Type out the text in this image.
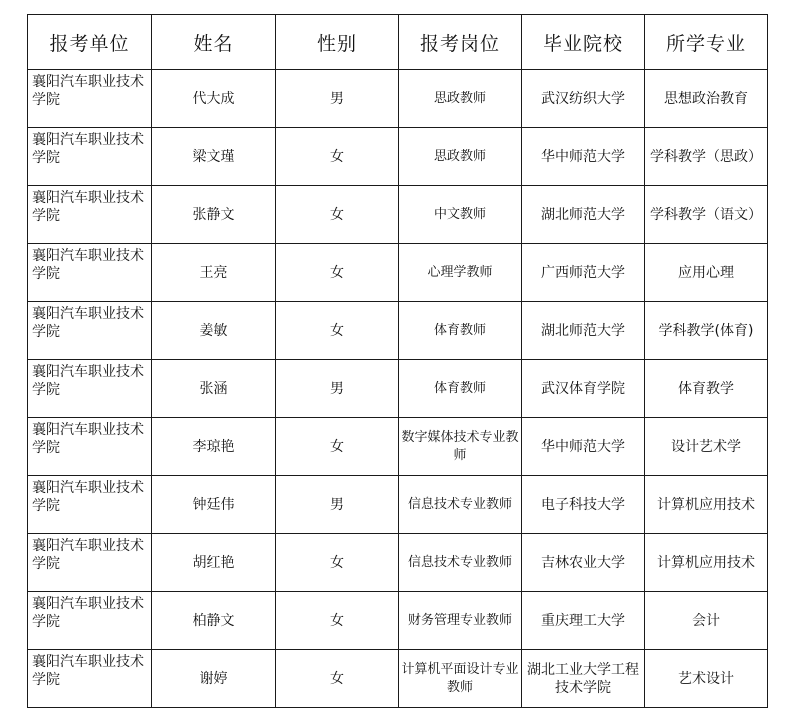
报考单位	姓名	性别	报考岗位	毕业院校	所学专业
襄阳汽车职业技术学院	代大成	男	思政教师	武汉纺织大学	思想政治教育
襄阳汽车职业技术学院	梁文瑾	女	思政教师	华中师范大学	学科教学（思政）
襄阳汽车职业技术学院	张静文	女	中文教师	湖北师范大学	学科教学（语文）
襄阳汽车职业技术学院	王亮	女	心理学教师	广西师范大学	应用心理
襄阳汽车职业技术学院	姜敏	女	体育教师	湖北师范大学	学科教学(体育)
襄阳汽车职业技术学院	张涵	男	体育教师	武汉体育学院	体育教学
襄阳汽车职业技术学院	李琼艳	女	数字媒体技术专业教师	华中师范大学	设计艺术学
襄阳汽车职业技术学院	钟廷伟	男	信息技术专业教师	电子科技大学	计算机应用技术
襄阳汽车职业技术学院	胡红艳	女	信息技术专业教师	吉林农业大学	计算机应用技术
襄阳汽车职业技术学院	柏静文	女	财务管理专业教师	重庆理工大学	会计
襄阳汽车职业技术学院	谢婷	女	计算机平面设计专业教师	湖北工业大学工程技术学院	艺术设计
